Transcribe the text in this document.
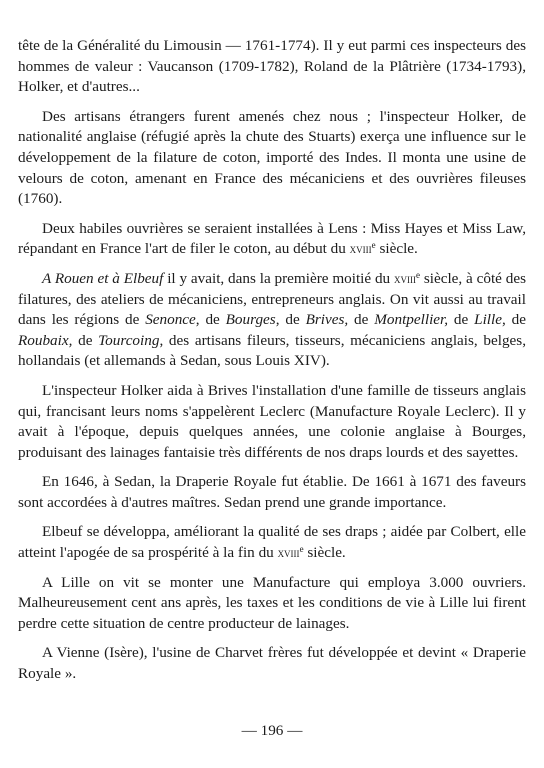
tête de la Généralité du Limousin — 1761-1774). Il y eut parmi ces inspecteurs des hommes de valeur : Vaucanson (1709-1782), Roland de la Plâtrière (1734-1793), Holker, et d'autres...

Des artisans étrangers furent amenés chez nous ; l'inspecteur Holker, de nationalité anglaise (réfugié après la chute des Stuarts) exerça une influence sur le développement de la filature de coton, importé des Indes. Il monta une usine de velours de coton, amenant en France des mécaniciens et des ouvrières fileuses (1760).

Deux habiles ouvrières se seraient installées à Lens : Miss Hayes et Miss Law, répandant en France l'art de filer le coton, au début du xviii$^e$ siècle.

A Rouen et à Elbeuf il y avait, dans la première moitié du xviii$^e$ siècle, à côté des filatures, des ateliers de mécaniciens, entrepreneurs anglais. On vit aussi au travail dans les régions de Senonce, de Bourges, de Brives, de Montpellier, de Lille, de Roubaix, de Tourcoing, des artisans fileurs, tisseurs, mécaniciens anglais, belges, hollandais (et allemands à Sedan, sous Louis XIV).

L'inspecteur Holker aida à Brives l'installation d'une famille de tisseurs anglais qui, francisant leurs noms s'appelèrent Leclerc (Manufacture Royale Leclerc). Il y avait à l'époque, depuis quelques années, une colonie anglaise à Bourges, produisant des lainages fantaisie très différents de nos draps lourds et des sayettes.

En 1646, à Sedan, la Draperie Royale fut établie. De 1661 à 1671 des faveurs sont accordées à d'autres maîtres. Sedan prend une grande importance.

Elbeuf se développa, améliorant la qualité de ses draps ; aidée par Colbert, elle atteint l'apogée de sa prospérité à la fin du xviii$^e$ siècle.

A Lille on vit se monter une Manufacture qui employa 3.000 ouvriers. Malheureusement cent ans après, les taxes et les conditions de vie à Lille lui firent perdre cette situation de centre producteur de lainages.

A Vienne (Isère), l'usine de Charvet frères fut développée et devint « Draperie Royale ».

— 196 —
